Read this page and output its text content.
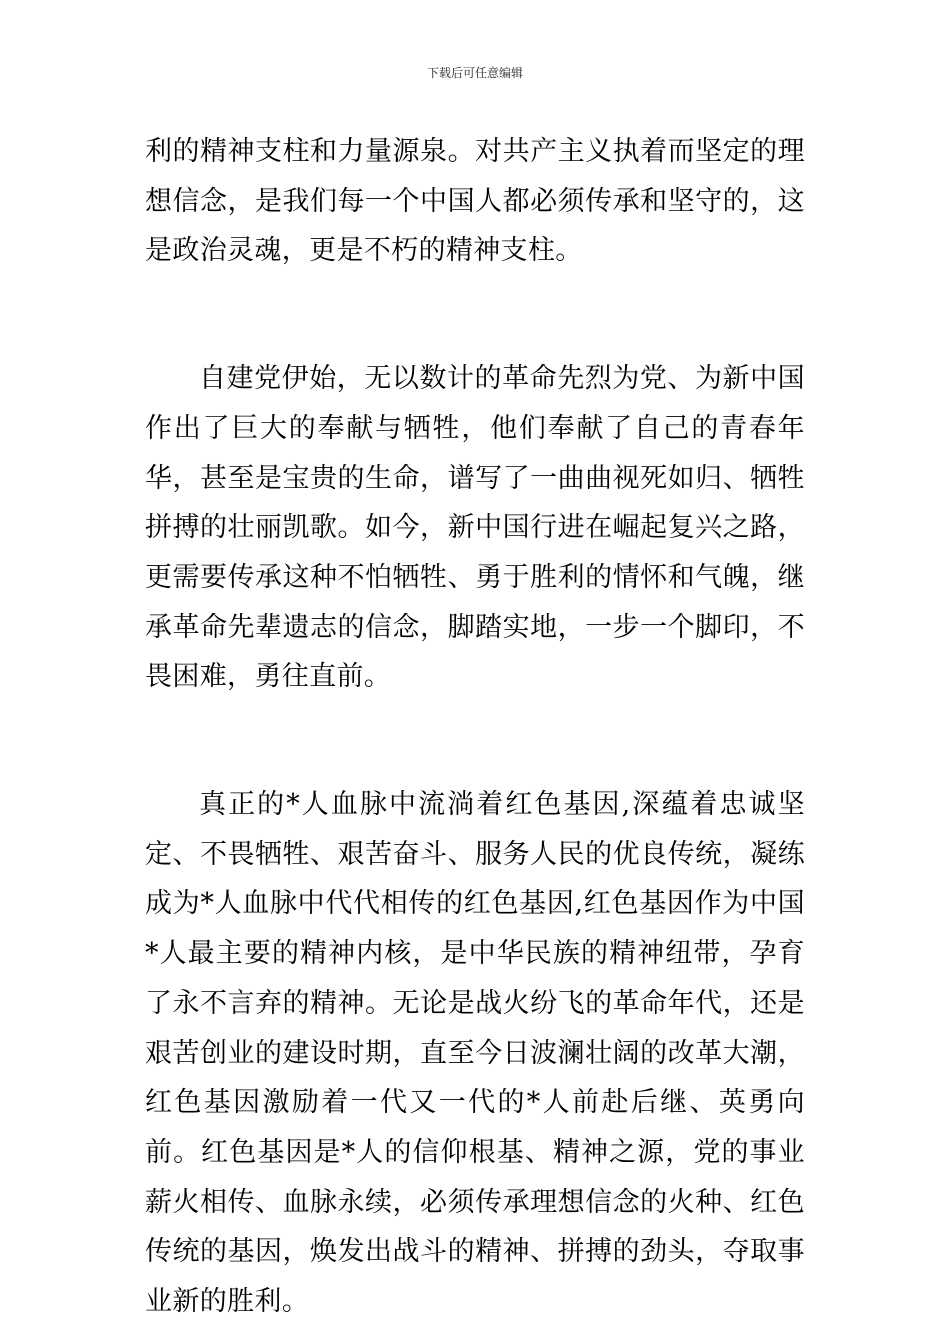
下载后可任意编辑

利的精神支柱和力量源泉。对共产主义执着而坚定的理想信念，是我们每一个中国人都必须传承和坚守的，这是政治灵魂，更是不朽的精神支柱。

自建党伊始，无以数计的革命先烈为党、为新中国作出了巨大的奉献与牺牲，他们奉献了自己的青春年华，甚至是宝贵的生命，谱写了一曲曲视死如归、牺牲拼搏的壮丽凯歌。如今，新中国行进在崛起复兴之路，更需要传承这种不怕牺牲、勇于胜利的情怀和气魄，继承革命先辈遗志的信念，脚踏实地，一步一个脚印，不畏困难，勇往直前。

真正的*人血脉中流淌着红色基因,深蕴着忠诚坚定、不畏牺牲、艰苦奋斗、服务人民的优良传统，凝练成为*人血脉中代代相传的红色基因,红色基因作为中国*人最主要的精神内核，是中华民族的精神纽带，孕育了永不言弃的精神。无论是战火纷飞的革命年代，还是艰苦创业的建设时期，直至今日波澜壮阔的改革大潮，红色基因激励着一代又一代的*人前赴后继、英勇向前。红色基因是*人的信仰根基、精神之源，党的事业薪火相传、血脉永续，必须传承理想信念的火种、红色传统的基因，焕发出战斗的精神、拼搏的劲头，夺取事业新的胜利。
